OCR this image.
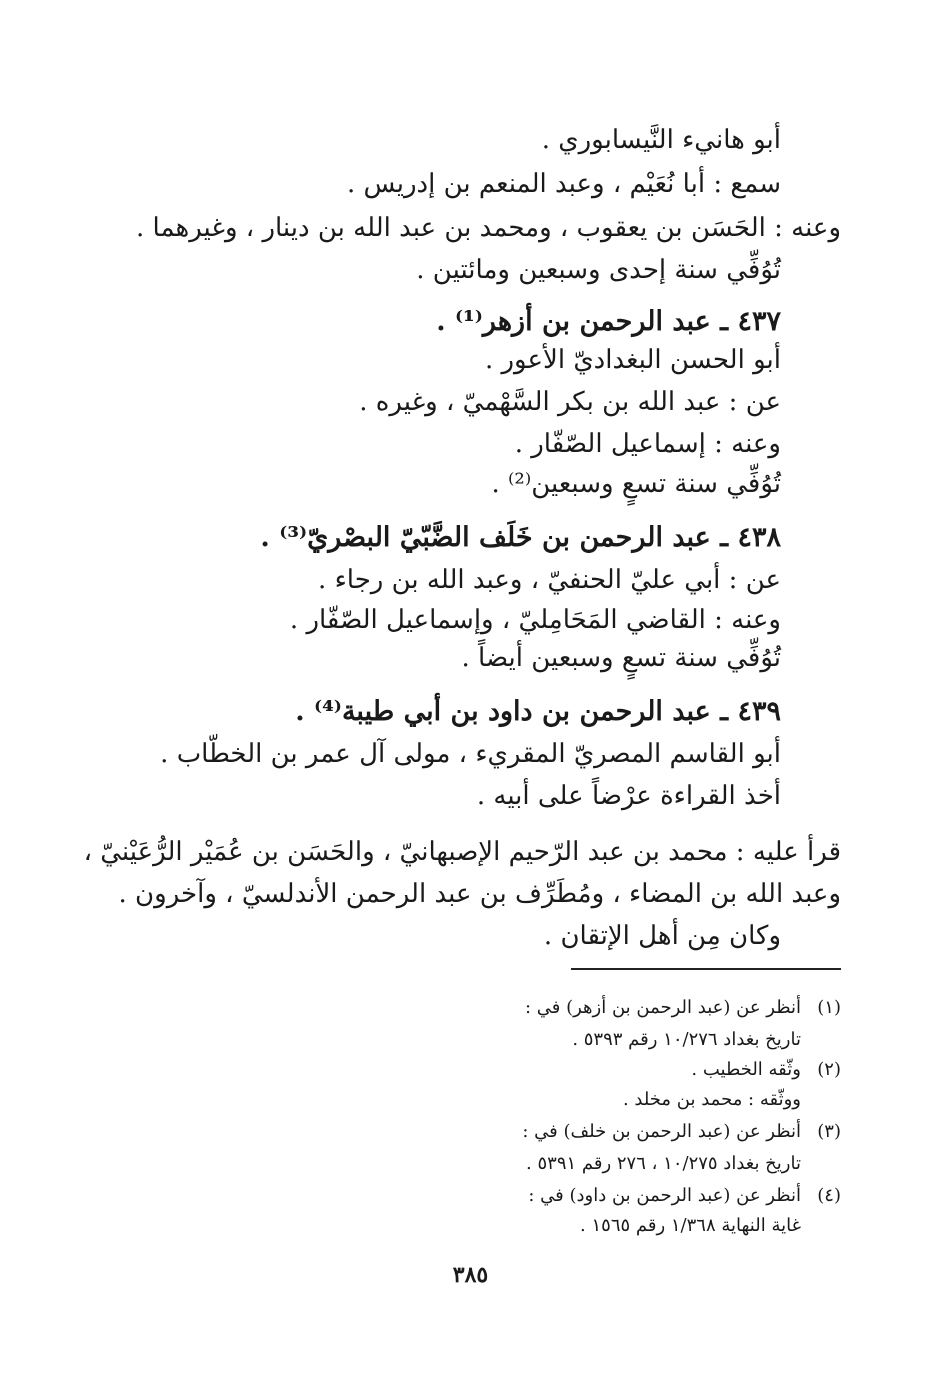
أبو هانيء النَّيسابوري .
سمع : أبا نُعَيْم ، وعبد المنعم بن إدريس .
وعنه : الحَسَن بن يعقوب ، ومحمد بن عبد الله بن دينار ، وغيرهما .
تُوُفِّي سنة إحدى وسبعين ومائتين .
٤٣٧ ـ عبد الرحمن بن أزهر⁽¹⁾ .
أبو الحسن البغداديّ الأعور .
عن : عبد الله بن بكر السَّهْميّ ، وغيره .
وعنه : إسماعيل الصّفّار .
تُوُفِّي سنة تسعٍ وسبعين⁽²⁾ .
٤٣٨ ـ عبد الرحمن بن خَلَف الضَّبّيّ البصْريّ⁽³⁾ .
عن : أبي عليّ الحنفيّ ، وعبد الله بن رجاء .
وعنه : القاضي المَحَامِليّ ، وإسماعيل الصّفّار .
تُوُفِّي سنة تسعٍ وسبعين أيضاً .
٤٣٩ ـ عبد الرحمن بن داود بن أبي طيبة⁽⁴⁾ .
أبو القاسم المصريّ المقريء ، مولى آل عمر بن الخطّاب .
أخذ القراءة عرْضاً على أبيه .
قرأ عليه : محمد بن عبد الرّحيم الإصبهانيّ ، والحَسَن بن عُمَيْر الرُّعَيْنيّ ،
وعبد الله بن المضاء ، ومُطَرِّف بن عبد الرحمن الأندلسيّ ، وآخرون .
وكان مِن أهل الإتقان .
(١)أنظر عن (عبد الرحمن بن أزهر) في :
تاريخ بغداد ١٠/٢٧٦ رقم ٥٣٩٣ .
(٢)وثّقه الخطيب .
ووثّقه : محمد بن مخلد .
(٣)أنظر عن (عبد الرحمن بن خلف) في :
تاريخ بغداد ١٠/٢٧٥ ، ٢٧٦ رقم ٥٣٩١ .
(٤)أنظر عن (عبد الرحمن بن داود) في :
غاية النهاية ١/٣٦٨ رقم ١٥٦٥ .
٣٨٥
